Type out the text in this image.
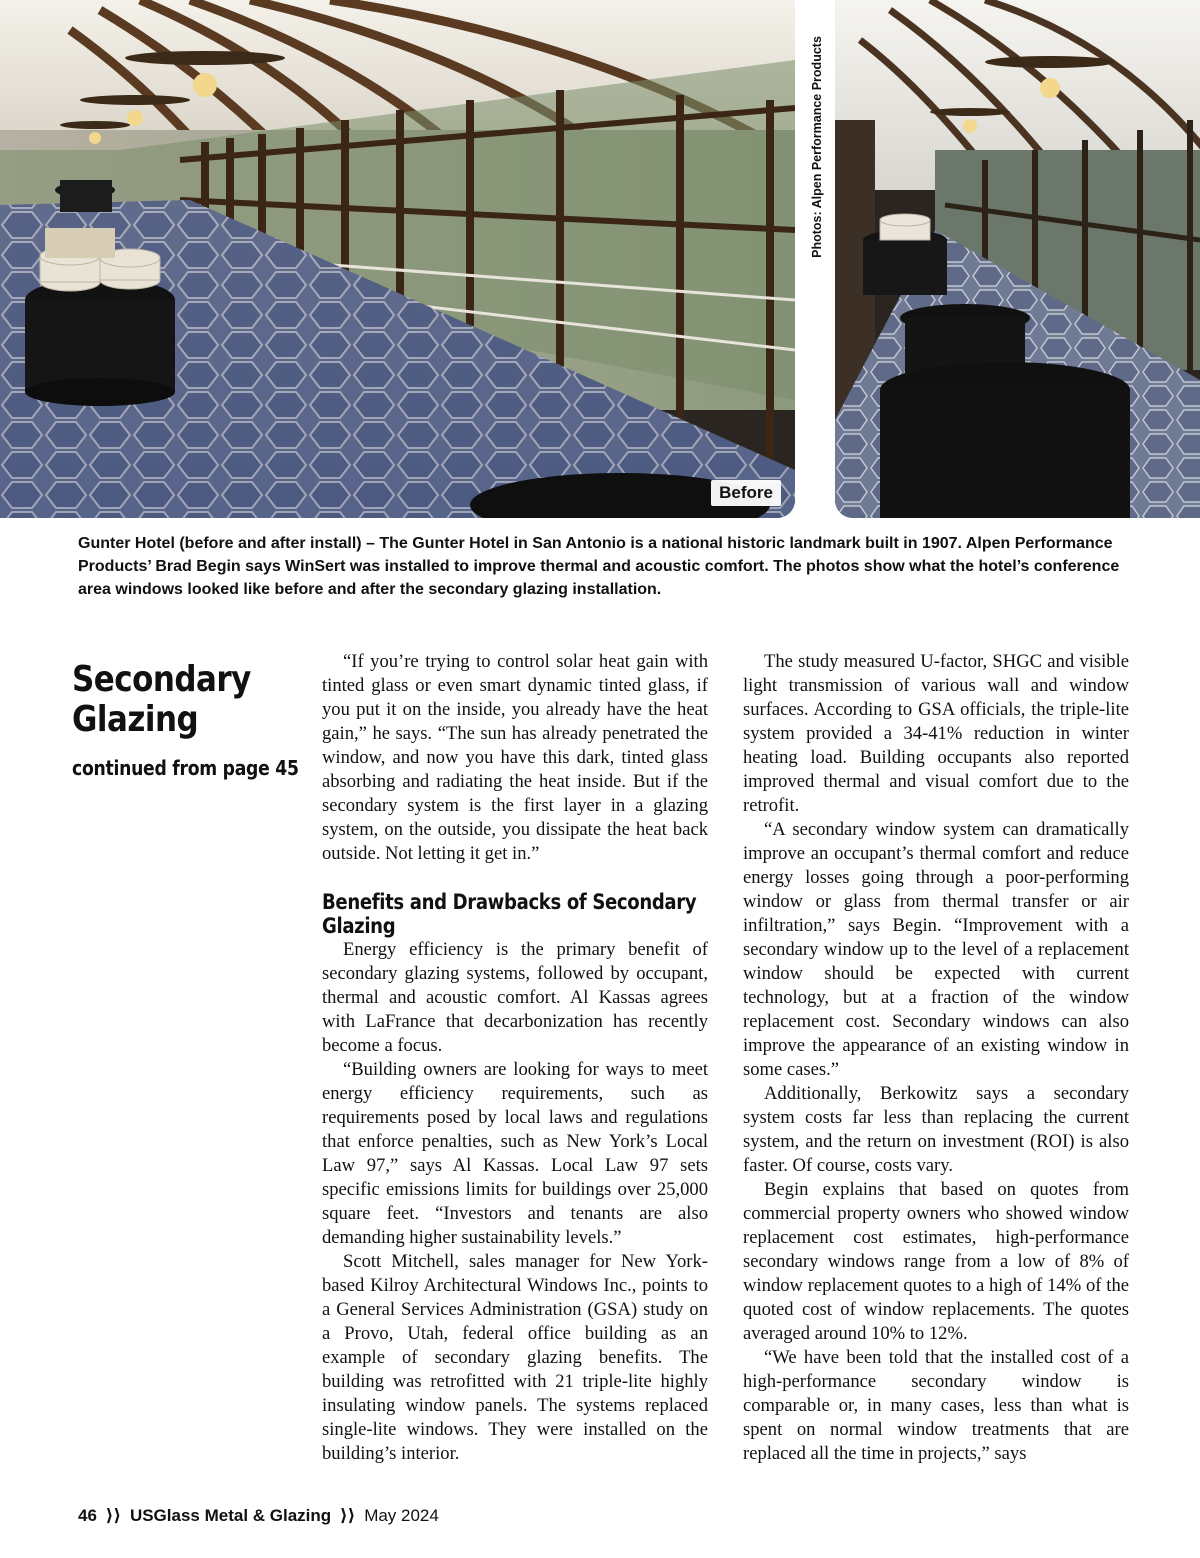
Before
Photos: Alpen Performance Products

Gunter Hotel (before and after install) – The Gunter Hotel in San Antonio is a national historic landmark built in 1907. Alpen Performance Products’ Brad Begin says WinSert was installed to improve thermal and acoustic comfort. The photos show what the hotel’s conference area windows looked like before and after the secondary glazing installation.

Secondary Glazing
continued from page 45

“If you’re trying to control solar heat gain with tinted glass or even smart dynamic tinted glass, if you put it on the inside, you already have the heat gain,” he says. “The sun has already penetrated the window, and now you have this dark, tinted glass absorbing and radiating the heat inside. But if the secondary system is the first layer in a glazing system, on the outside, you dissipate the heat back outside. Not letting it get in.”

Benefits and Drawbacks of Secondary Glazing

Energy efficiency is the primary benefit of secondary glazing systems, followed by occupant, thermal and acoustic comfort. Al Kassas agrees with LaFrance that decarbonization has recently become a focus.

“Building owners are looking for ways to meet energy efficiency requirements, such as requirements posed by local laws and regulations that enforce penalties, such as New York’s Local Law 97,” says Al Kassas. Local Law 97 sets specific emissions limits for buildings over 25,000 square feet. “Investors and tenants are also demanding higher sustainability levels.”

Scott Mitchell, sales manager for New York-based Kilroy Architectural Windows Inc., points to a General Services Administration (GSA) study on a Provo, Utah, federal office building as an example of secondary glazing benefits. The building was retrofitted with 21 triple-lite highly insulating window panels. The systems replaced single-lite windows. They were installed on the building’s interior.

The study measured U-factor, SHGC and visible light transmission of various wall and window surfaces. According to GSA officials, the triple-lite system provided a 34-41% reduction in winter heating load. Building occupants also reported improved thermal and visual comfort due to the retrofit.

“A secondary window system can dramatically improve an occupant’s thermal comfort and reduce energy losses going through a poor-performing window or glass from thermal transfer or air infiltration,” says Begin. “Improvement with a secondary window up to the level of a replacement window should be expected with current technology, but at a fraction of the window replacement cost. Secondary windows can also improve the appearance of an existing window in some cases.”

Additionally, Berkowitz says a secondary system costs far less than replacing the current system, and the return on investment (ROI) is also faster. Of course, costs vary.

Begin explains that based on quotes from commercial property owners who showed window replacement cost estimates, high-performance secondary windows range from a low of 8% of window replacement quotes to a high of 14% of the quoted cost of window replacements. The quotes averaged around 10% to 12%.

“We have been told that the installed cost of a high-performance secondary window is comparable or, in many cases, less than what is spent on normal window treatments that are replaced all the time in projects,” says

46 ⟩⟩ USGlass Metal & Glazing ⟩⟩ May 2024
